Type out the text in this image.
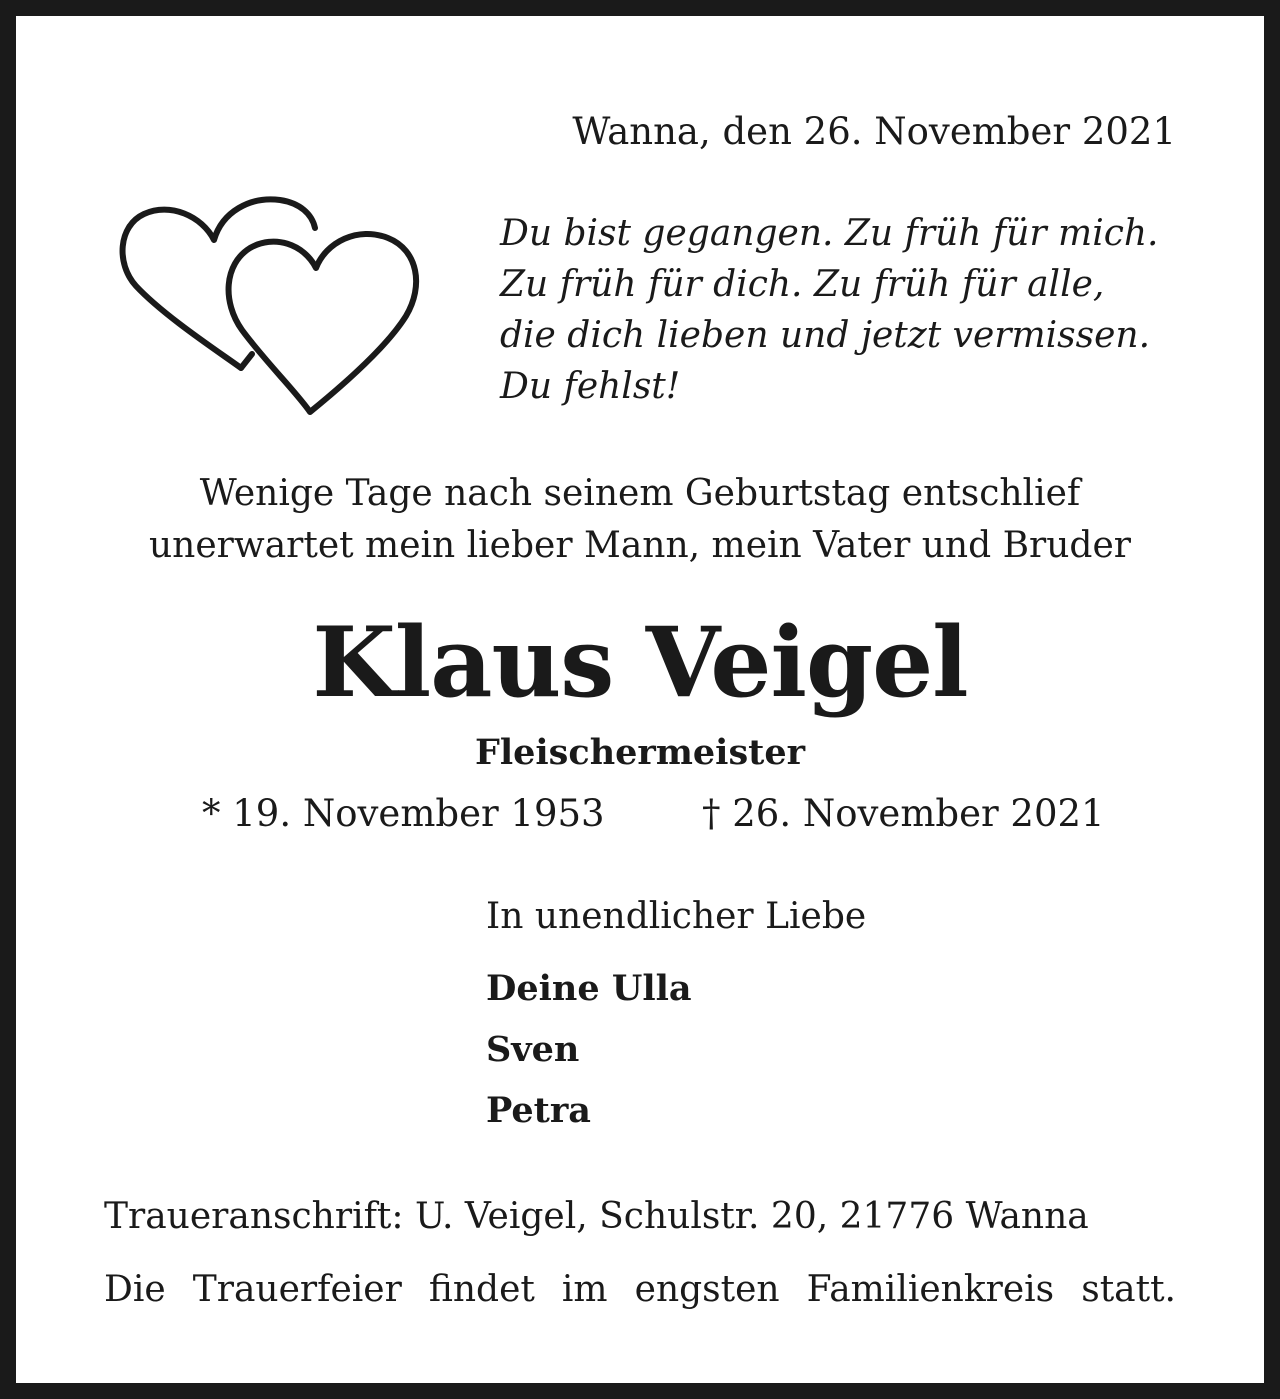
Wanna, den 26. November 2021
Du bist gegangen. Zu früh für mich.
Zu früh für dich. Zu früh für alle,
die dich lieben und jetzt vermissen.
Du fehlst!
Wenige Tage nach seinem Geburtstag entschlief
unerwartet mein lieber Mann, mein Vater und Bruder
Klaus Veigel
Fleischermeister
* 19. November 1953	† 26. November 2021
In unendlicher Liebe
Deine Ulla
Sven
Petra
Traueranschrift: U. Veigel, Schulstr. 20, 21776 Wanna
Die Trauerfeier findet im engsten Familienkreis statt.
